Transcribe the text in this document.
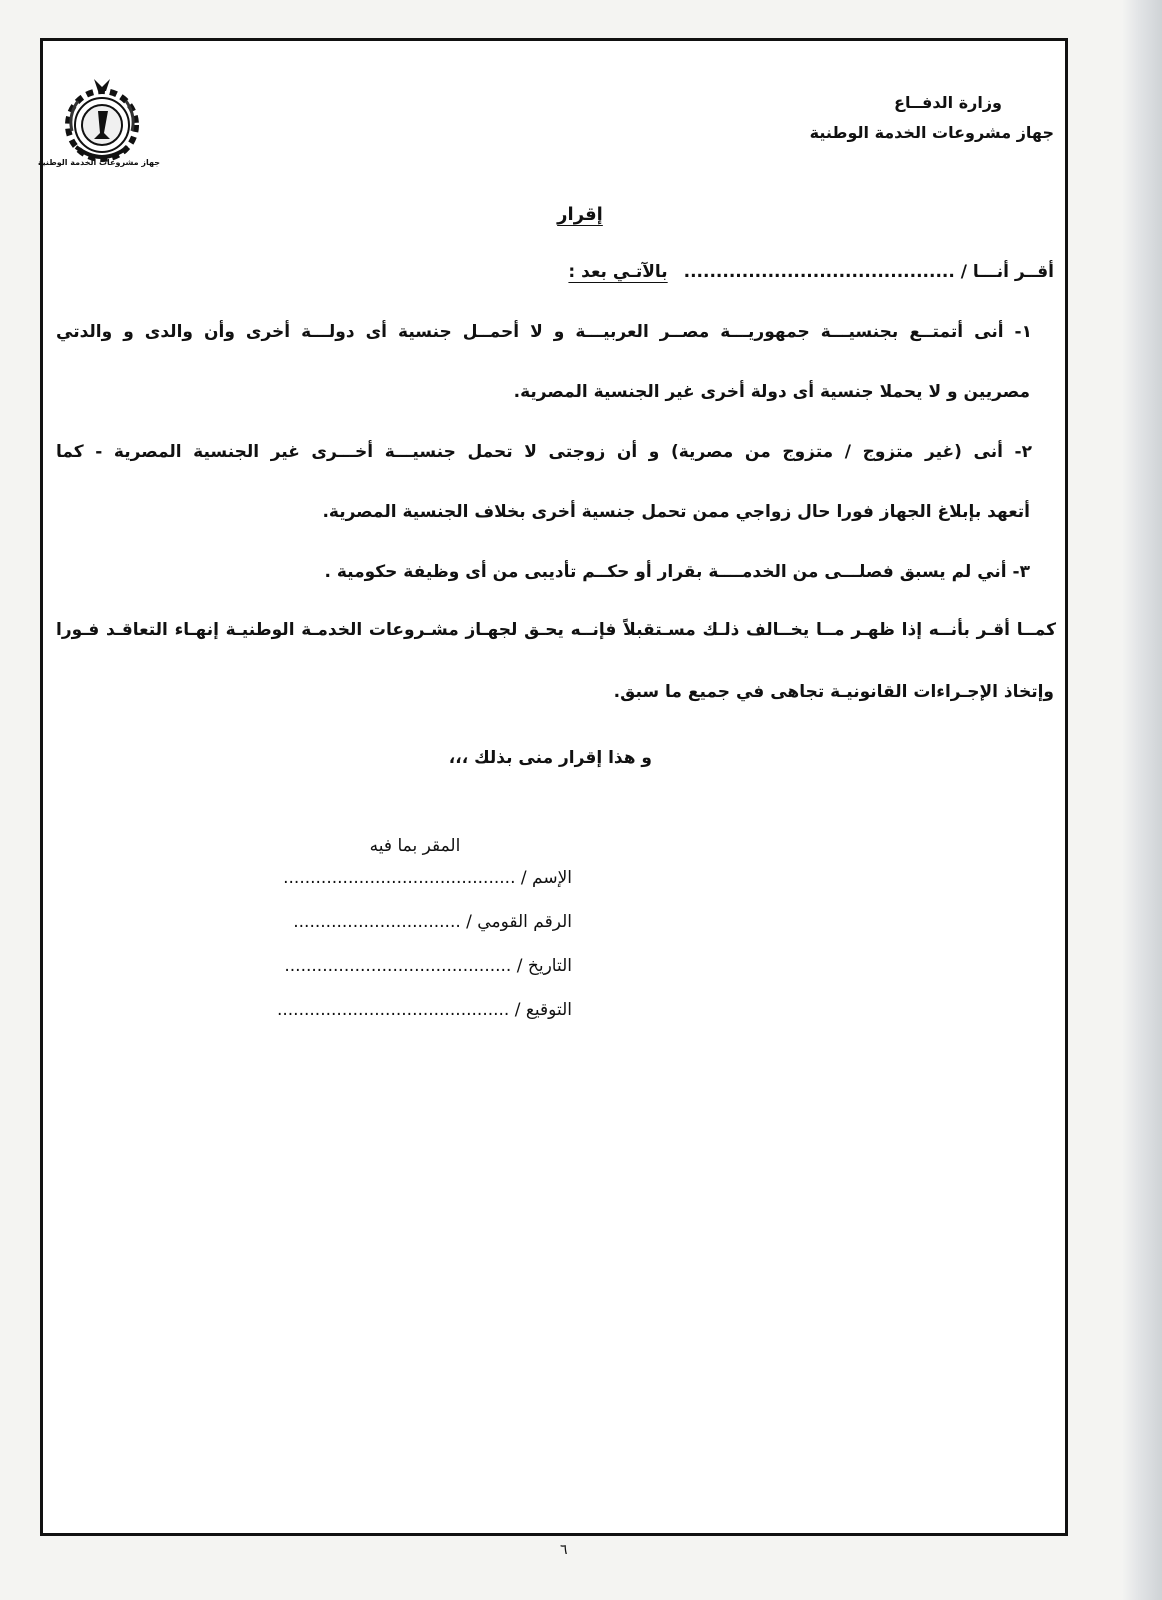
جهاز مشروعات الخدمة الوطنية
وزارة الدفــاع
جهاز مشروعات الخدمة الوطنية
إقرار
أقــر أنـــا / .......................................... بالآتـي بعد :
١- أنى أتمتــع بجنسيـــة جمهوريـــة مصــر العربيـــة و لا أحمــل جنسية أى دولـــة أخرى وأن والدى و والدتي
مصريين و لا يحملا جنسية أى دولة أخرى غير الجنسية المصرية.
٢- أنى (غير متزوج / متزوج من مصرية) و أن زوجتى لا تحمل جنسيـــة أخـــرى غير الجنسية المصرية - كما
أتعهد بإبلاغ الجهاز فورا حال زواجي ممن تحمل جنسية أخرى بخلاف الجنسية المصرية.
٣- أني لم يسبق فصلـــى من الخدمــــة بقرار أو حكــم تأديبى من أى وظيفة حكومية .
كمــا أقـر بأنــه إذا ظهـر مــا يخــالف ذلـك مسـتقبلاً فإنــه يحـق لجهـاز مشـروعات الخدمـة الوطنيـة إنهـاء التعاقـد فـورا
وإتخاذ الإجـراءات القانونيـة تجاهى في جميع ما سبق.
و هذا إقرار منى بذلك ،،،
المقر بما فيه
الإسم / ...........................................
الرقم القومي / ...............................
التاريخ / ..........................................
التوقيع / ...........................................
٦
